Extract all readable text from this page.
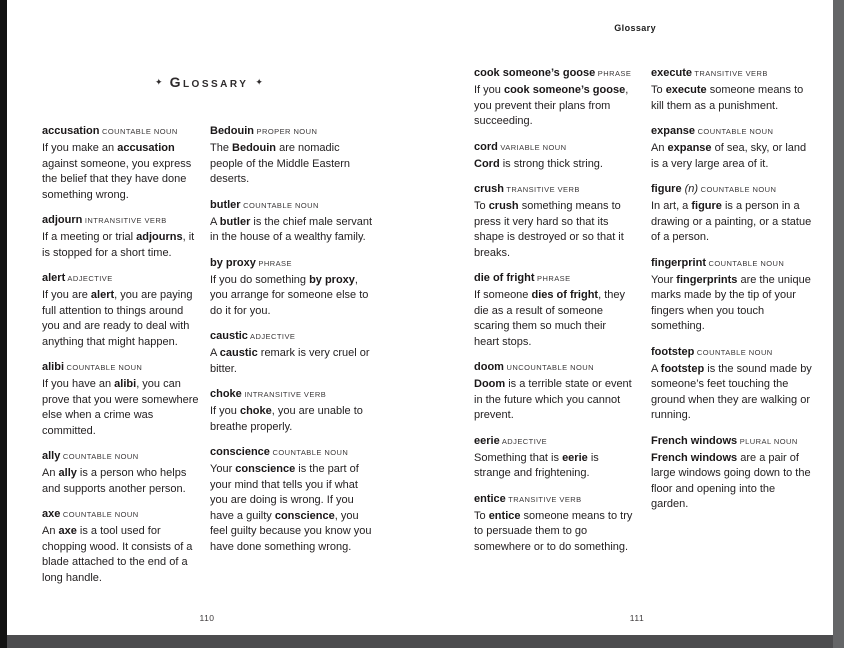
Glossary
✦ Glossary ✦
accusation COUNTABLE NOUN
If you make an accusation against someone, you express the belief that they have done something wrong.
adjourn INTRANSITIVE VERB
If a meeting or trial adjourns, it is stopped for a short time.
alert ADJECTIVE
If you are alert, you are paying full attention to things around you and are ready to deal with anything that might happen.
alibi COUNTABLE NOUN
If you have an alibi, you can prove that you were somewhere else when a crime was committed.
ally COUNTABLE NOUN
An ally is a person who helps and supports another person.
axe COUNTABLE NOUN
An axe is a tool used for chopping wood. It consists of a blade attached to the end of a long handle.
Bedouin PROPER NOUN
The Bedouin are nomadic people of the Middle Eastern deserts.
butler COUNTABLE NOUN
A butler is the chief male servant in the house of a wealthy family.
by proxy PHRASE
If you do something by proxy, you arrange for someone else to do it for you.
caustic ADJECTIVE
A caustic remark is very cruel or bitter.
choke INTRANSITIVE VERB
If you choke, you are unable to breathe properly.
conscience COUNTABLE NOUN
Your conscience is the part of your mind that tells you if what you are doing is wrong. If you have a guilty conscience, you feel guilty because you know you have done something wrong.
cook someone’s goose PHRASE
If you cook someone’s goose, you prevent their plans from succeeding.
cord VARIABLE NOUN
Cord is strong thick string.
crush TRANSITIVE VERB
To crush something means to press it very hard so that its shape is destroyed or so that it breaks.
die of fright PHRASE
If someone dies of fright, they die as a result of someone scaring them so much their heart stops.
doom UNCOUNTABLE NOUN
Doom is a terrible state or event in the future which you cannot prevent.
eerie ADJECTIVE
Something that is eerie is strange and frightening.
entice TRANSITIVE VERB
To entice someone means to try to persuade them to go somewhere or to do something.
execute TRANSITIVE VERB
To execute someone means to kill them as a punishment.
expanse COUNTABLE NOUN
An expanse of sea, sky, or land is a very large area of it.
figure (n) COUNTABLE NOUN
In art, a figure is a person in a drawing or a painting, or a statue of a person.
fingerprint COUNTABLE NOUN
Your fingerprints are the unique marks made by the tip of your fingers when you touch something.
footstep COUNTABLE NOUN
A footstep is the sound made by someone’s feet touching the ground when they are walking or running.
French windows PLURAL NOUN
French windows are a pair of large windows going down to the floor and opening into the garden.
110	111
